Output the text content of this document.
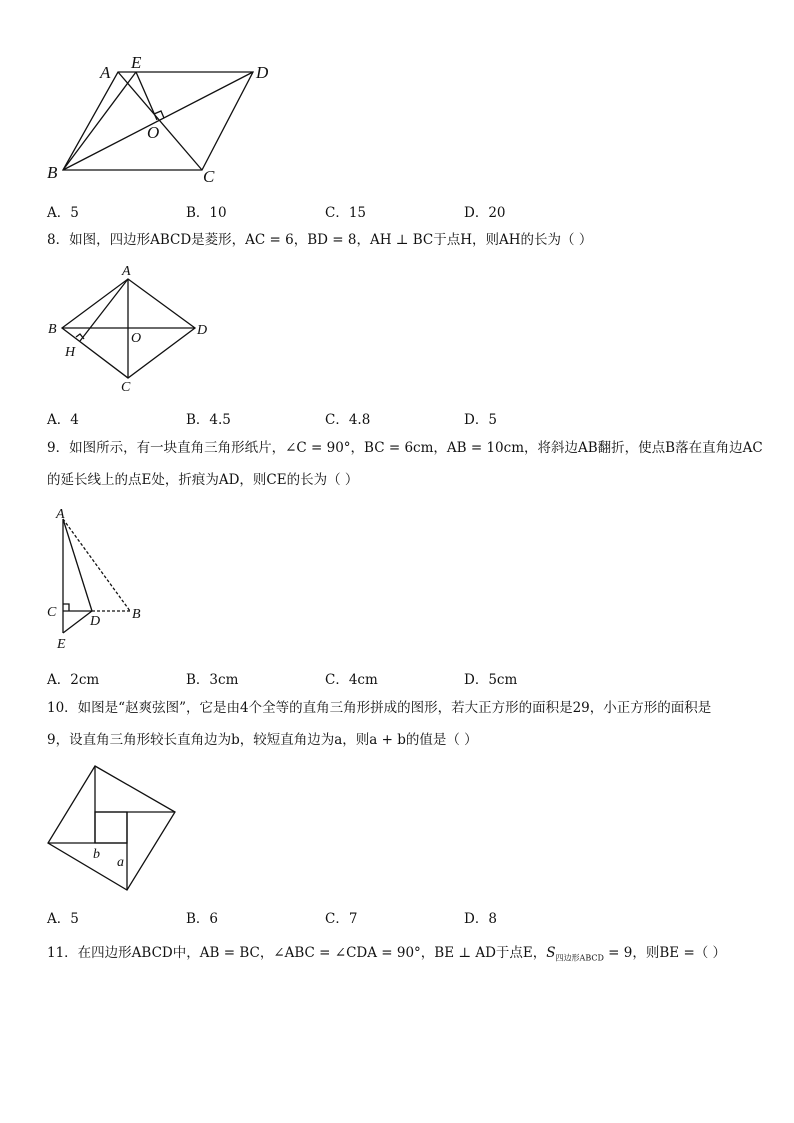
A
E
D
O
B	C
A．5	B．10	C．15	D．20
8．如图，四边形ABCD是菱形，AC = 6，BD = 8，AH ⊥ BC于点H，则AH的长为（ ）
A
B	D
O
H
C
A．4	B．4.5	C．4.8	D．5
9．如图所示，有一块直角三角形纸片，∠C = 90°，BC = 6cm，AB = 10cm，将斜边AB翻折，使点B落在直角边AC
的延长线上的点E处，折痕为AD，则CE的长为（ ）
A
C
D B
E
A．2cm	B．3cm	C．4cm	D．5cm
10．如图是“赵爽弦图”，它是由4个全等的直角三角形拼成的图形，若大正方形的面积是29，小正方形的面积是
9，设直角三角形较长直角边为b，较短直角边为a，则a + b的值是（ ）
b
a
A．5	B．6	C．7	D．8
11．在四边形ABCD中，AB = BC，∠ABC = ∠CDA = 90°，BE ⊥ AD于点E，$S_{四边形ABCD} = 9$，则BE =（ ）
